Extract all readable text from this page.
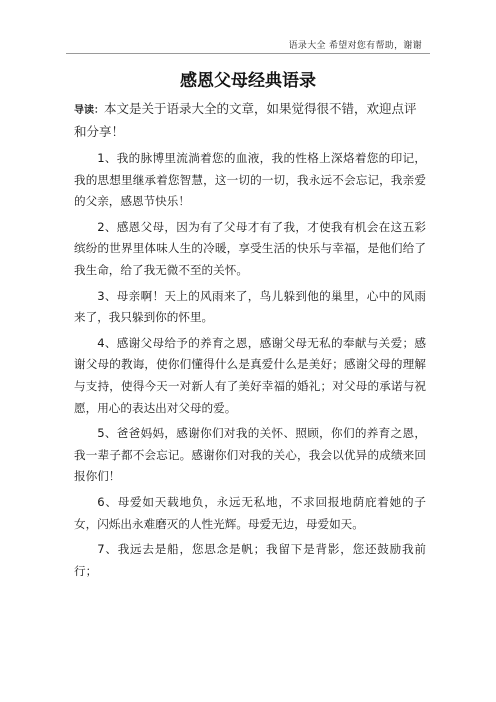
语录大全 希望对您有帮助，谢谢
感恩父母经典语录
导读：本文是关于语录大全的文章，如果觉得很不错，欢迎点评和分享！

1、我的脉博里流淌着您的血液，我的性格上深烙着您的印记，我的思想里继承着您智慧，这一切的一切，我永远不会忘记，我亲爱的父亲，感恩节快乐！

2、感恩父母，因为有了父母才有了我，才使我有机会在这五彩缤纷的世界里体味人生的冷暖，享受生活的快乐与幸福，是他们给了我生命，给了我无微不至的关怀。

3、母亲啊！天上的风雨来了，鸟儿躲到他的巢里，心中的风雨来了，我只躲到你的怀里。

4、感谢父母给予的养育之恩，感谢父母无私的奉献与关爱；感谢父母的教诲，使你们懂得什么是真爱什么是美好；感谢父母的理解与支持，使得今天一对新人有了美好幸福的婚礼；对父母的承诺与祝愿，用心的表达出对父母的爱。

5、爸爸妈妈，感谢你们对我的关怀、照顾，你们的养育之恩，我一辈子都不会忘记。感谢你们对我的关心，我会以优异的成绩来回报你们！

6、母爱如天载地负，永远无私地，不求回报地荫庇着她的子女，闪烁出永难磨灭的人性光辉。母爱无边，母爱如天。

7、我远去是船，您思念是帆；我留下是背影，您还鼓励我前行；
